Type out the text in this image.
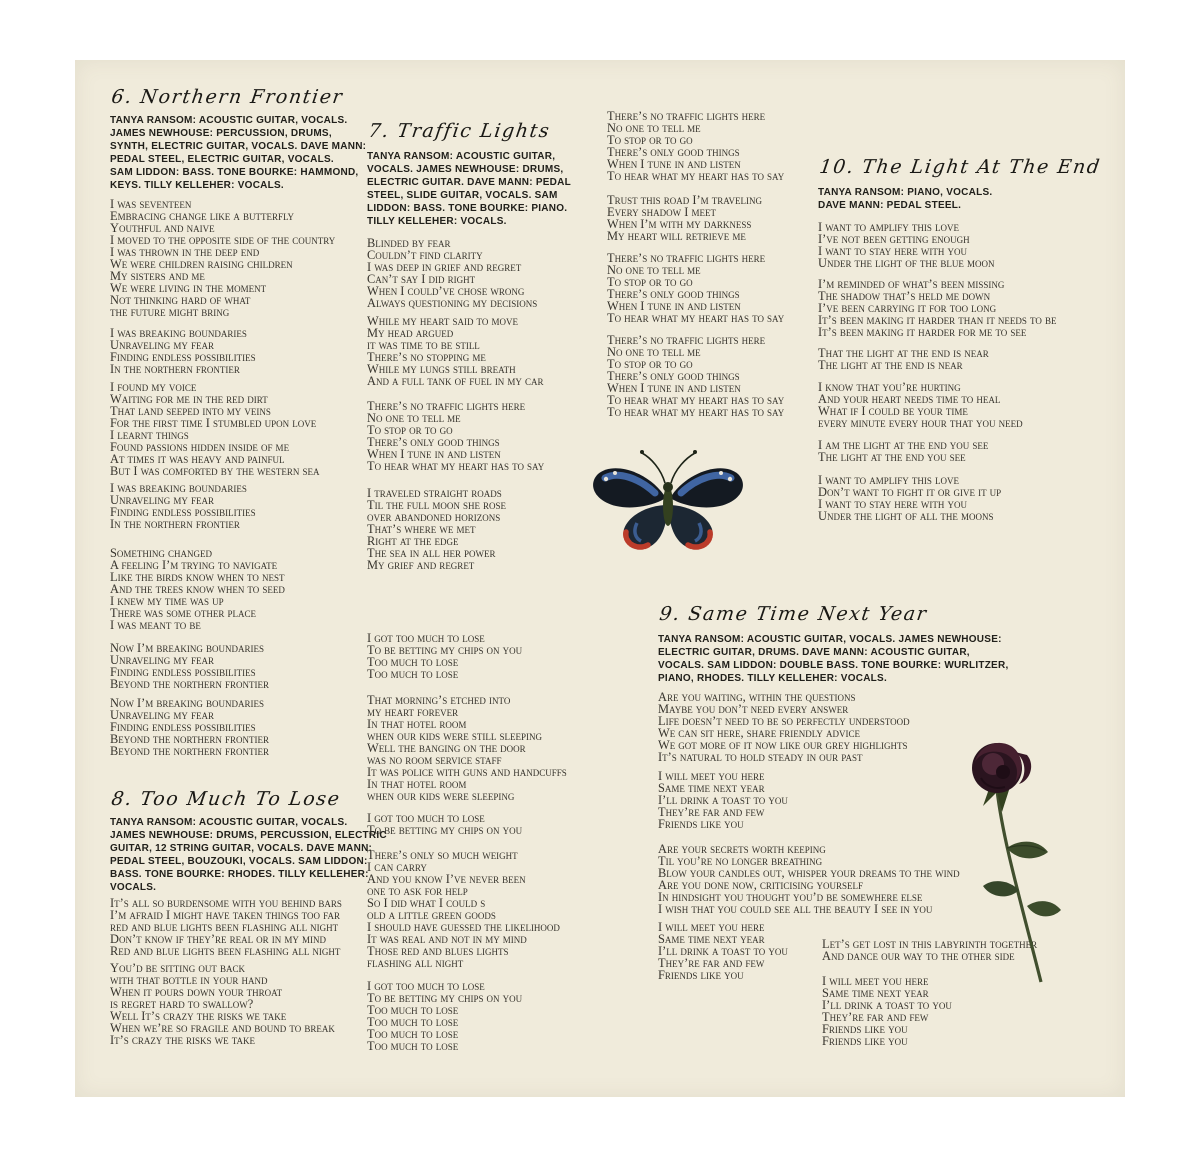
6. Northern Frontier
TANYA RANSOM: ACOUSTIC GUITAR, VOCALS.
JAMES NEWHOUSE: PERCUSSION, DRUMS,
SYNTH, ELECTRIC GUITAR, VOCALS. DAVE MANN:
PEDAL STEEL, ELECTRIC GUITAR, VOCALS.
SAM LIDDON: BASS. TONE BOURKE: HAMMOND,
KEYS. TILLY KELLEHER: VOCALS.
I was seventeen
Embracing change like a butterfly
Youthful and naive
I moved to the opposite side of the country
I was thrown in the deep end
We were children raising children
My sisters and me
We were living in the moment
Not thinking hard of what
the future might bring
I was breaking boundaries
Unraveling my fear
Finding endless possibilities
In the northern frontier
I found my voice
Waiting for me in the red dirt
That land seeped into my veins
For the first time I stumbled upon love
I learnt things
Found passions hidden inside of me
At times it was heavy and painful
But I was comforted by the western sea
I was breaking boundaries
Unraveling my fear
Finding endless possibilities
In the northern frontier
Something changed
A feeling I’m trying to navigate
Like the birds know when to nest
And the trees know when to seed
I knew my time was up
There was some other place
I was meant to be
Now I’m breaking boundaries
Unraveling my fear
Finding endless possibilities
Beyond the northern frontier
Now I’m breaking boundaries
Unraveling my fear
Finding endless possibilities
Beyond the northern frontier
Beyond the northern frontier
8. Too Much To Lose
TANYA RANSOM: ACOUSTIC GUITAR, VOCALS.
JAMES NEWHOUSE: DRUMS, PERCUSSION, ELECTRIC
GUITAR, 12 STRING GUITAR, VOCALS. DAVE MANN:
PEDAL STEEL, BOUZOUKI, VOCALS. SAM LIDDON:
BASS. TONE BOURKE: RHODES. TILLY KELLEHER:
VOCALS.
It’s all so burdensome with you behind bars
I’m afraid I might have taken things too far
red and blue lights been flashing all night
Don’t know if they’re real or in my mind
Red and blue lights been flashing all night
You’d be sitting out back
with that bottle in your hand
When it pours down your throat
is regret hard to swallow?
Well It’s crazy the risks we take
When we’re so fragile and bound to break
It’s crazy the risks we take
7. Traffic Lights
TANYA RANSOM: ACOUSTIC GUITAR,
VOCALS. JAMES NEWHOUSE: DRUMS,
ELECTRIC GUITAR. DAVE MANN: PEDAL
STEEL, SLIDE GUITAR, VOCALS. SAM
LIDDON: BASS. TONE BOURKE: PIANO.
TILLY KELLEHER: VOCALS.
Blinded by fear
Couldn’t find clarity
I was deep in grief and regret
Can’t say I did right
When I could’ve chose wrong
Always questioning my decisions
While my heart said to move
My head argued
it was time to be still
There’s no stopping me
While my lungs still breath
And a full tank of fuel in my car
There’s no traffic lights here
No one to tell me
To stop or to go
There’s only good things
When I tune in and listen
To hear what my heart has to say
I traveled straight roads
Til the full moon she rose
over abandoned horizons
That’s where we met
Right at the edge
The sea in all her power
My grief and regret
I got too much to lose
To be betting my chips on you
Too much to lose
Too much to lose
That morning’s etched into
my heart forever
In that hotel room
when our kids were still sleeping
Well the banging on the door
was no room service staff
It was police with guns and handcuffs
In that hotel room
when our kids were sleeping
I got too much to lose
To be betting my chips on you
There’s only so much weight
I can carry
And you know I’ve never been
one to ask for help
So I did what I could s
old a little green goods
I should have guessed the likelihood
It was real and not in my mind
Those red and blues lights
flashing all night
I got too much to lose
To be betting my chips on you
Too much to lose
Too much to lose
Too much to lose
Too much to lose
There’s no traffic lights here
No one to tell me
To stop or to go
There’s only good things
When I tune in and listen
To hear what my heart has to say
Trust this road I’m traveling
Every shadow I meet
When I’m with my darkness
My heart will retrieve me
There’s no traffic lights here
No one to tell me
To stop or to go
There’s only good things
When I tune in and listen
To hear what my heart has to say
There’s no traffic lights here
No one to tell me
To stop or to go
There’s only good things
When I tune in and listen
To hear what my heart has to say
To hear what my heart has to say
9. Same Time Next Year
TANYA RANSOM: ACOUSTIC GUITAR, VOCALS. JAMES NEWHOUSE:
ELECTRIC GUITAR, DRUMS. DAVE MANN: ACOUSTIC GUITAR,
VOCALS. SAM LIDDON: DOUBLE BASS. TONE BOURKE: WURLITZER,
PIANO, RHODES. TILLY KELLEHER: VOCALS.
Are you waiting, within the questions
Maybe you don’t need every answer
Life doesn’t need to be so perfectly understood
We can sit here, share friendly advice
We got more of it now like our grey highlights
It’s natural to hold steady in our past
I will meet you here
Same time next year
I’ll drink a toast to you
They’re far and few
Friends like you
Are your secrets worth keeping
Til you’re no longer breathing
Blow your candles out, whisper your dreams to the wind
Are you done now, criticising yourself
In hindsight you thought you’d be somewhere else
I wish that you could see all the beauty I see in you
I will meet you here
Same time next year
I’ll drink a toast to you
They’re far and few
Friends like you
Let’s get lost in this labyrinth together
And dance our way to the other side
I will meet you here
Same time next year
I’ll drink a toast to you
They’re far and few
Friends like you
Friends like you
10. The Light At The End
TANYA RANSOM: PIANO, VOCALS.
DAVE MANN: PEDAL STEEL.
I want to amplify this love
I’ve not been getting enough
I want to stay here with you
Under the light of the blue moon
I’m reminded of what’s been missing
The shadow that’s held me down
I’ve been carrying it for too long
It’s been making it harder than it needs to be
It’s been making it harder for me to see
That the light at the end is near
The light at the end is near
I know that you’re hurting
And your heart needs time to heal
What if I could be your time
every minute every hour that you need
I am the light at the end you see
The light at the end you see
I want to amplify this love
Don’t want to fight it or give it up
I want to stay here with you
Under the light of all the moons
